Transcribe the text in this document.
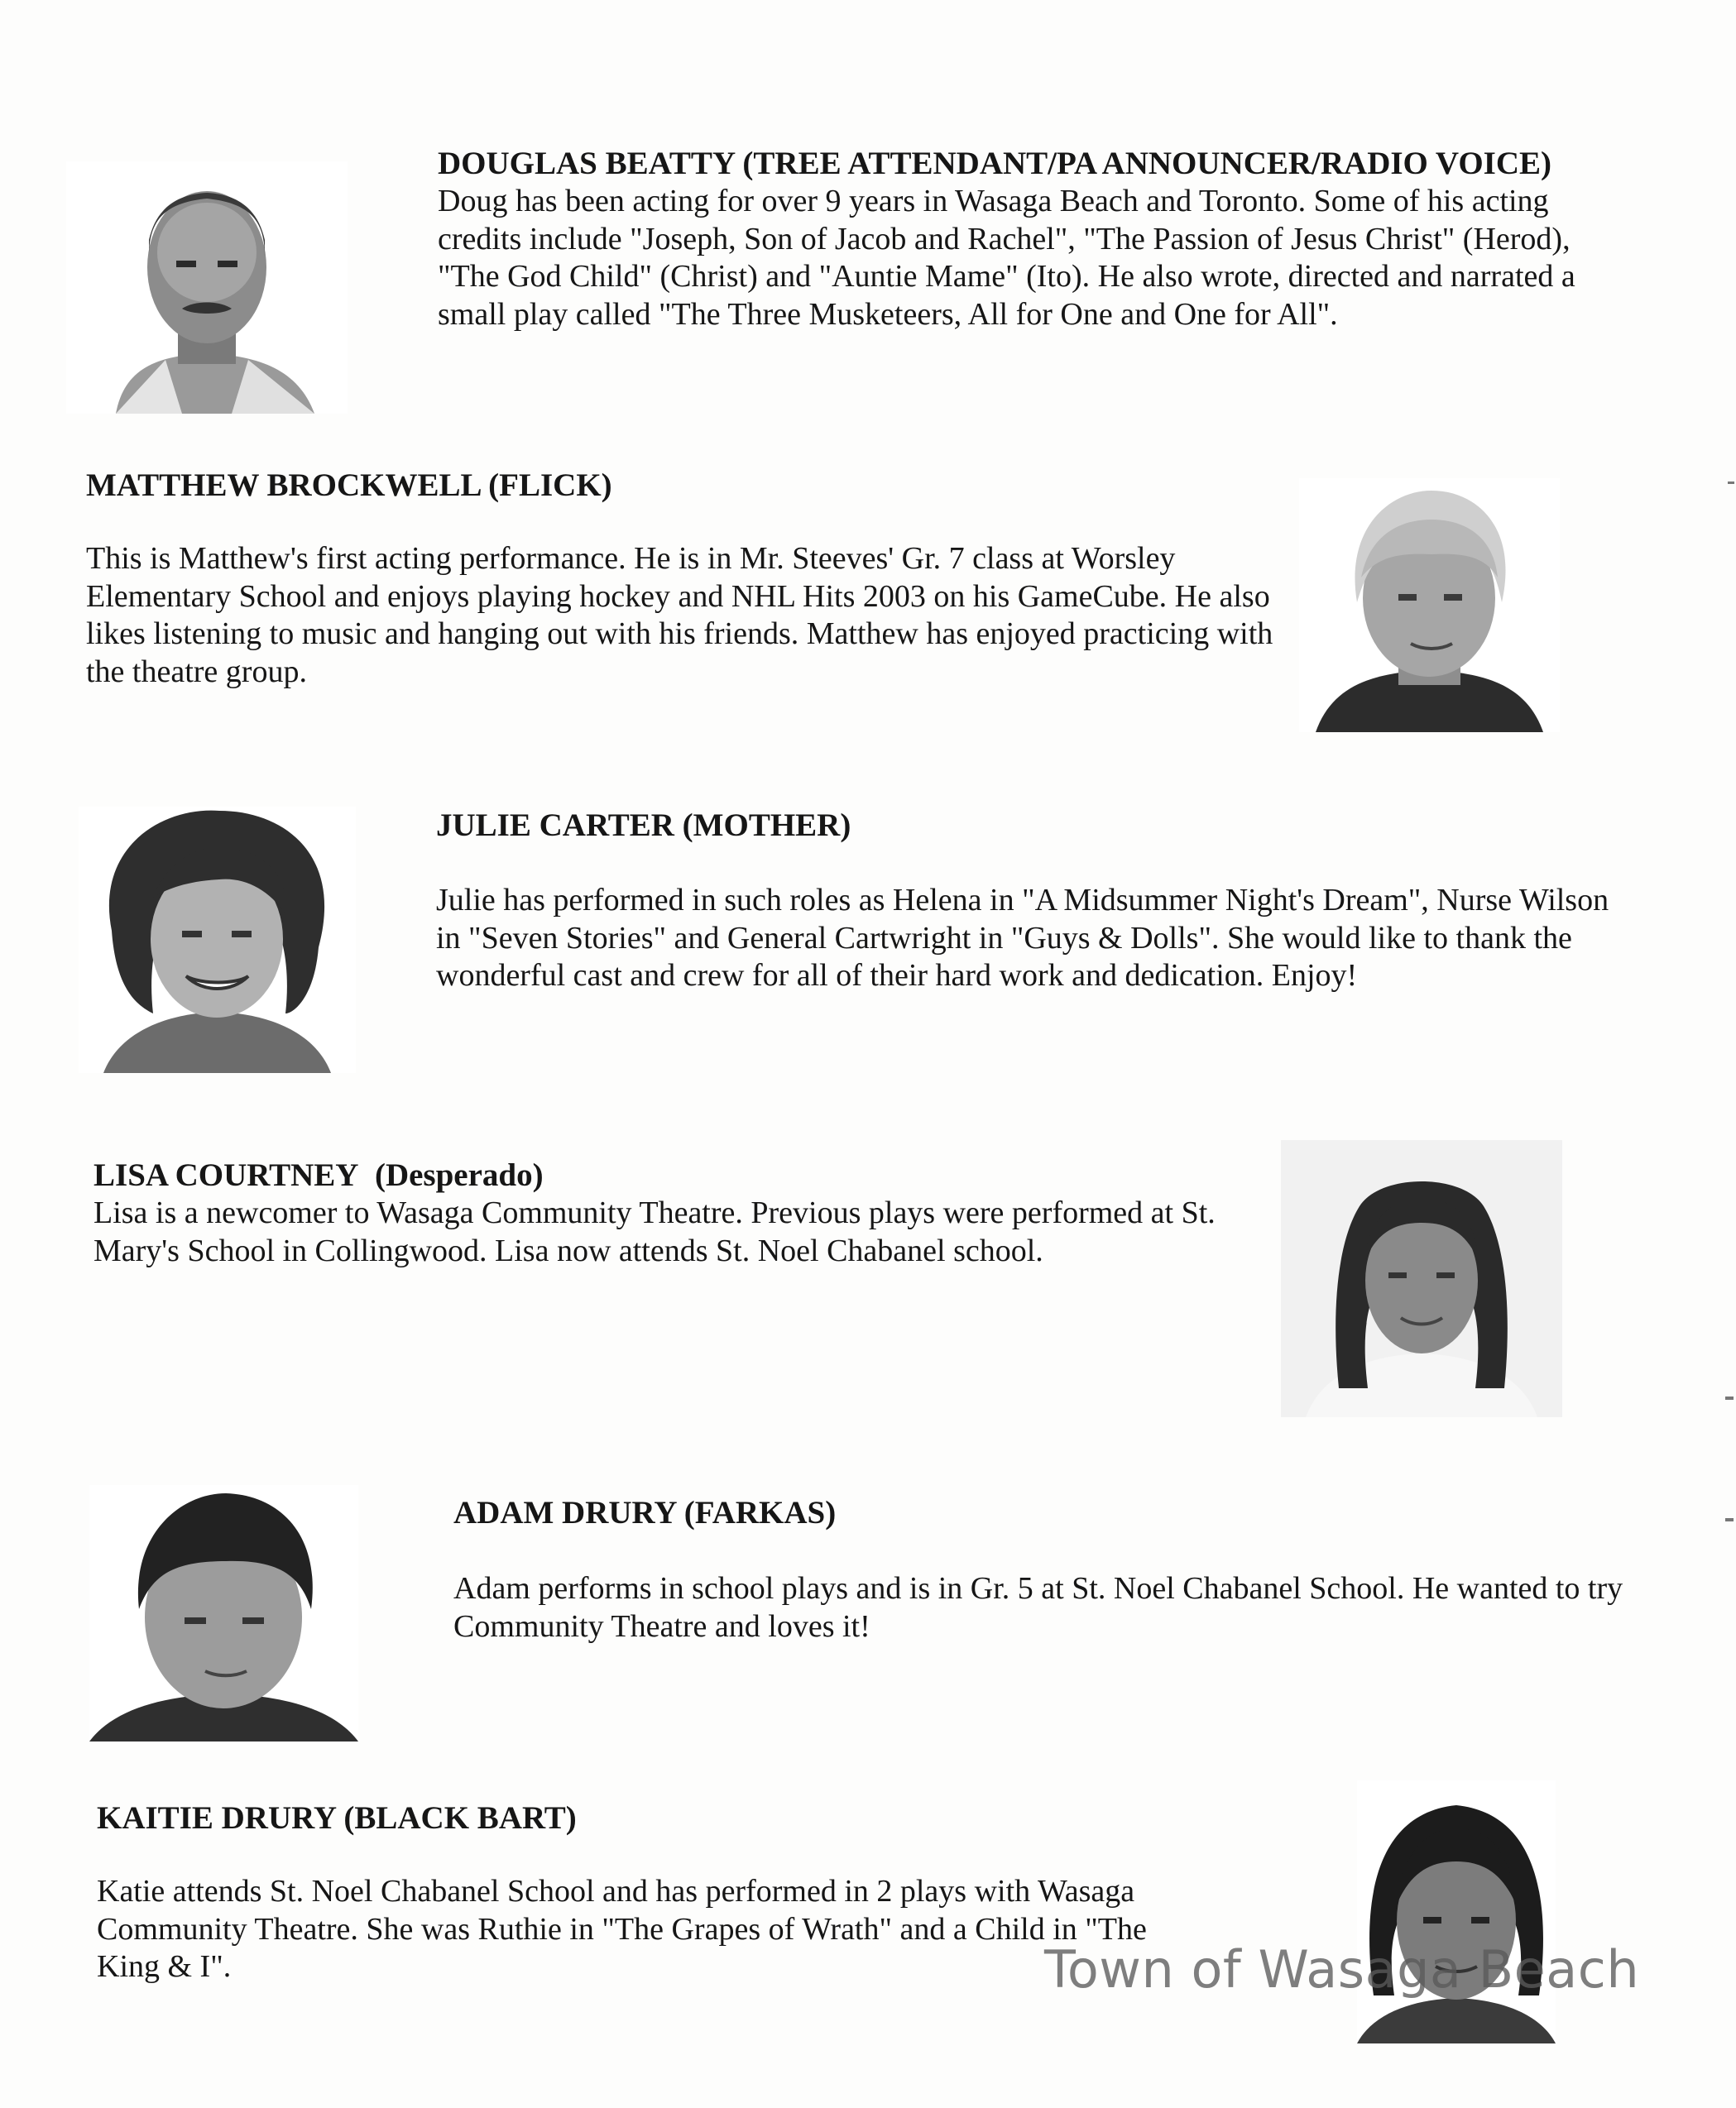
DOUGLAS BEATTY (TREE ATTENDANT/PA ANNOUNCER/RADIO VOICE)

Doug has been acting for over 9 years in Wasaga Beach and Toronto. Some of his acting credits include "Joseph, Son of Jacob and Rachel", "The Passion of Jesus Christ" (Herod), "The God Child" (Christ) and "Auntie Mame" (Ito). He also wrote, directed and narrated a small play called "The Three Musketeers, All for One and One for All".

MATTHEW BROCKWELL (FLICK)

This is Matthew's first acting performance. He is in Mr. Steeves' Gr. 7 class at Worsley Elementary School and enjoys playing hockey and NHL Hits 2003 on his GameCube. He also likes listening to music and hanging out with his friends. Matthew has enjoyed practicing with the theatre group.

JULIE CARTER (MOTHER)

Julie has performed in such roles as Helena in "A Midsummer Night's Dream", Nurse Wilson in "Seven Stories" and General Cartwright in "Guys & Dolls". She would like to thank the wonderful cast and crew for all of their hard work and dedication. Enjoy!

LISA COURTNEY (Desperado)

Lisa is a newcomer to Wasaga Community Theatre. Previous plays were performed at St. Mary's School in Collingwood. Lisa now attends St. Noel Chabanel school.

ADAM DRURY (FARKAS)

Adam performs in school plays and is in Gr. 5 at St. Noel Chabanel School. He wanted to try Community Theatre and loves it!

KAITIE DRURY (BLACK BART)

Katie attends St. Noel Chabanel School and has performed in 2 plays with Wasaga Community Theatre. She was Ruthie in "The Grapes of Wrath" and a Child in "The King & I".	Town of Wasaga Beach
